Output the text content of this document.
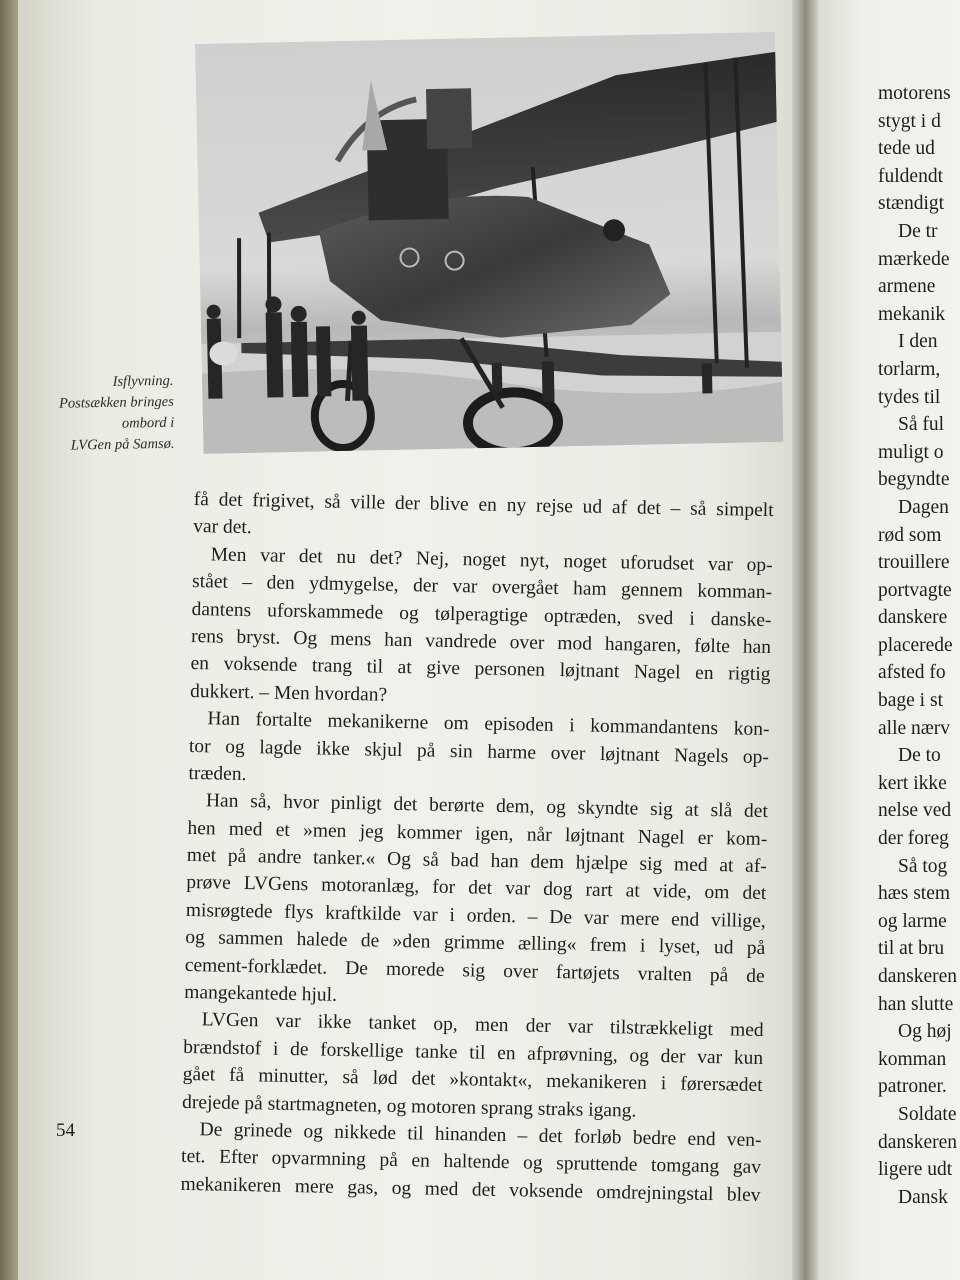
Isflyvning.
Postsækken bringes
ombord i
LVGen på Samsø.
få det frigivet, så ville der blive en ny rejse ud af det – så simpelt
var det.
Men var det nu det? Nej, noget nyt, noget uforudset var op-
stået – den ydmygelse, der var overgået ham gennem komman-
dantens uforskammede og tølperagtige optræden, sved i danske-
rens bryst. Og mens han vandrede over mod hangaren, følte han
en voksende trang til at give personen løjtnant Nagel en rigtig
dukkert. – Men hvordan?
Han fortalte mekanikerne om episoden i kommandantens kon-
tor og lagde ikke skjul på sin harme over løjtnant Nagels op-
træden.
Han så, hvor pinligt det berørte dem, og skyndte sig at slå det
hen med et »men jeg kommer igen, når løjtnant Nagel er kom-
met på andre tanker.« Og så bad han dem hjælpe sig med at af-
prøve LVGens motoranlæg, for det var dog rart at vide, om det
misrøgtede flys kraftkilde var i orden. – De var mere end villige,
og sammen halede de »den grimme ælling« frem i lyset, ud på
cement-forklædet. De morede sig over fartøjets vralten på de
mangekantede hjul.
LVGen var ikke tanket op, men der var tilstrækkeligt med
brændstof i de forskellige tanke til en afprøvning, og der var kun
gået få minutter, så lød det »kontakt«, mekanikeren i førersædet
drejede på startmagneten, og motoren sprang straks igang.
De grinede og nikkede til hinanden – det forløb bedre end ven-
tet. Efter opvarmning på en haltende og spruttende tomgang gav
mekanikeren mere gas, og med det voksende omdrejningstal blev
54
motorens
stygt i d
tede ud
fuldendt
stændigt
De tr
mærkede
armene
mekanik
I den
torlarm,
tydes til
Så ful
muligt o
begyndte
Dagen
rød som
trouillere
portvagte
danskere
placerede
afsted fo
bage i st
alle nærv
De to
kert ikke
nelse ved
der foreg
Så tog
hæs stem
og larme
til at bru
danskeren
han slutte
Og høj
komman
patroner.
Soldate
danskeren
ligere udt
Dansk
